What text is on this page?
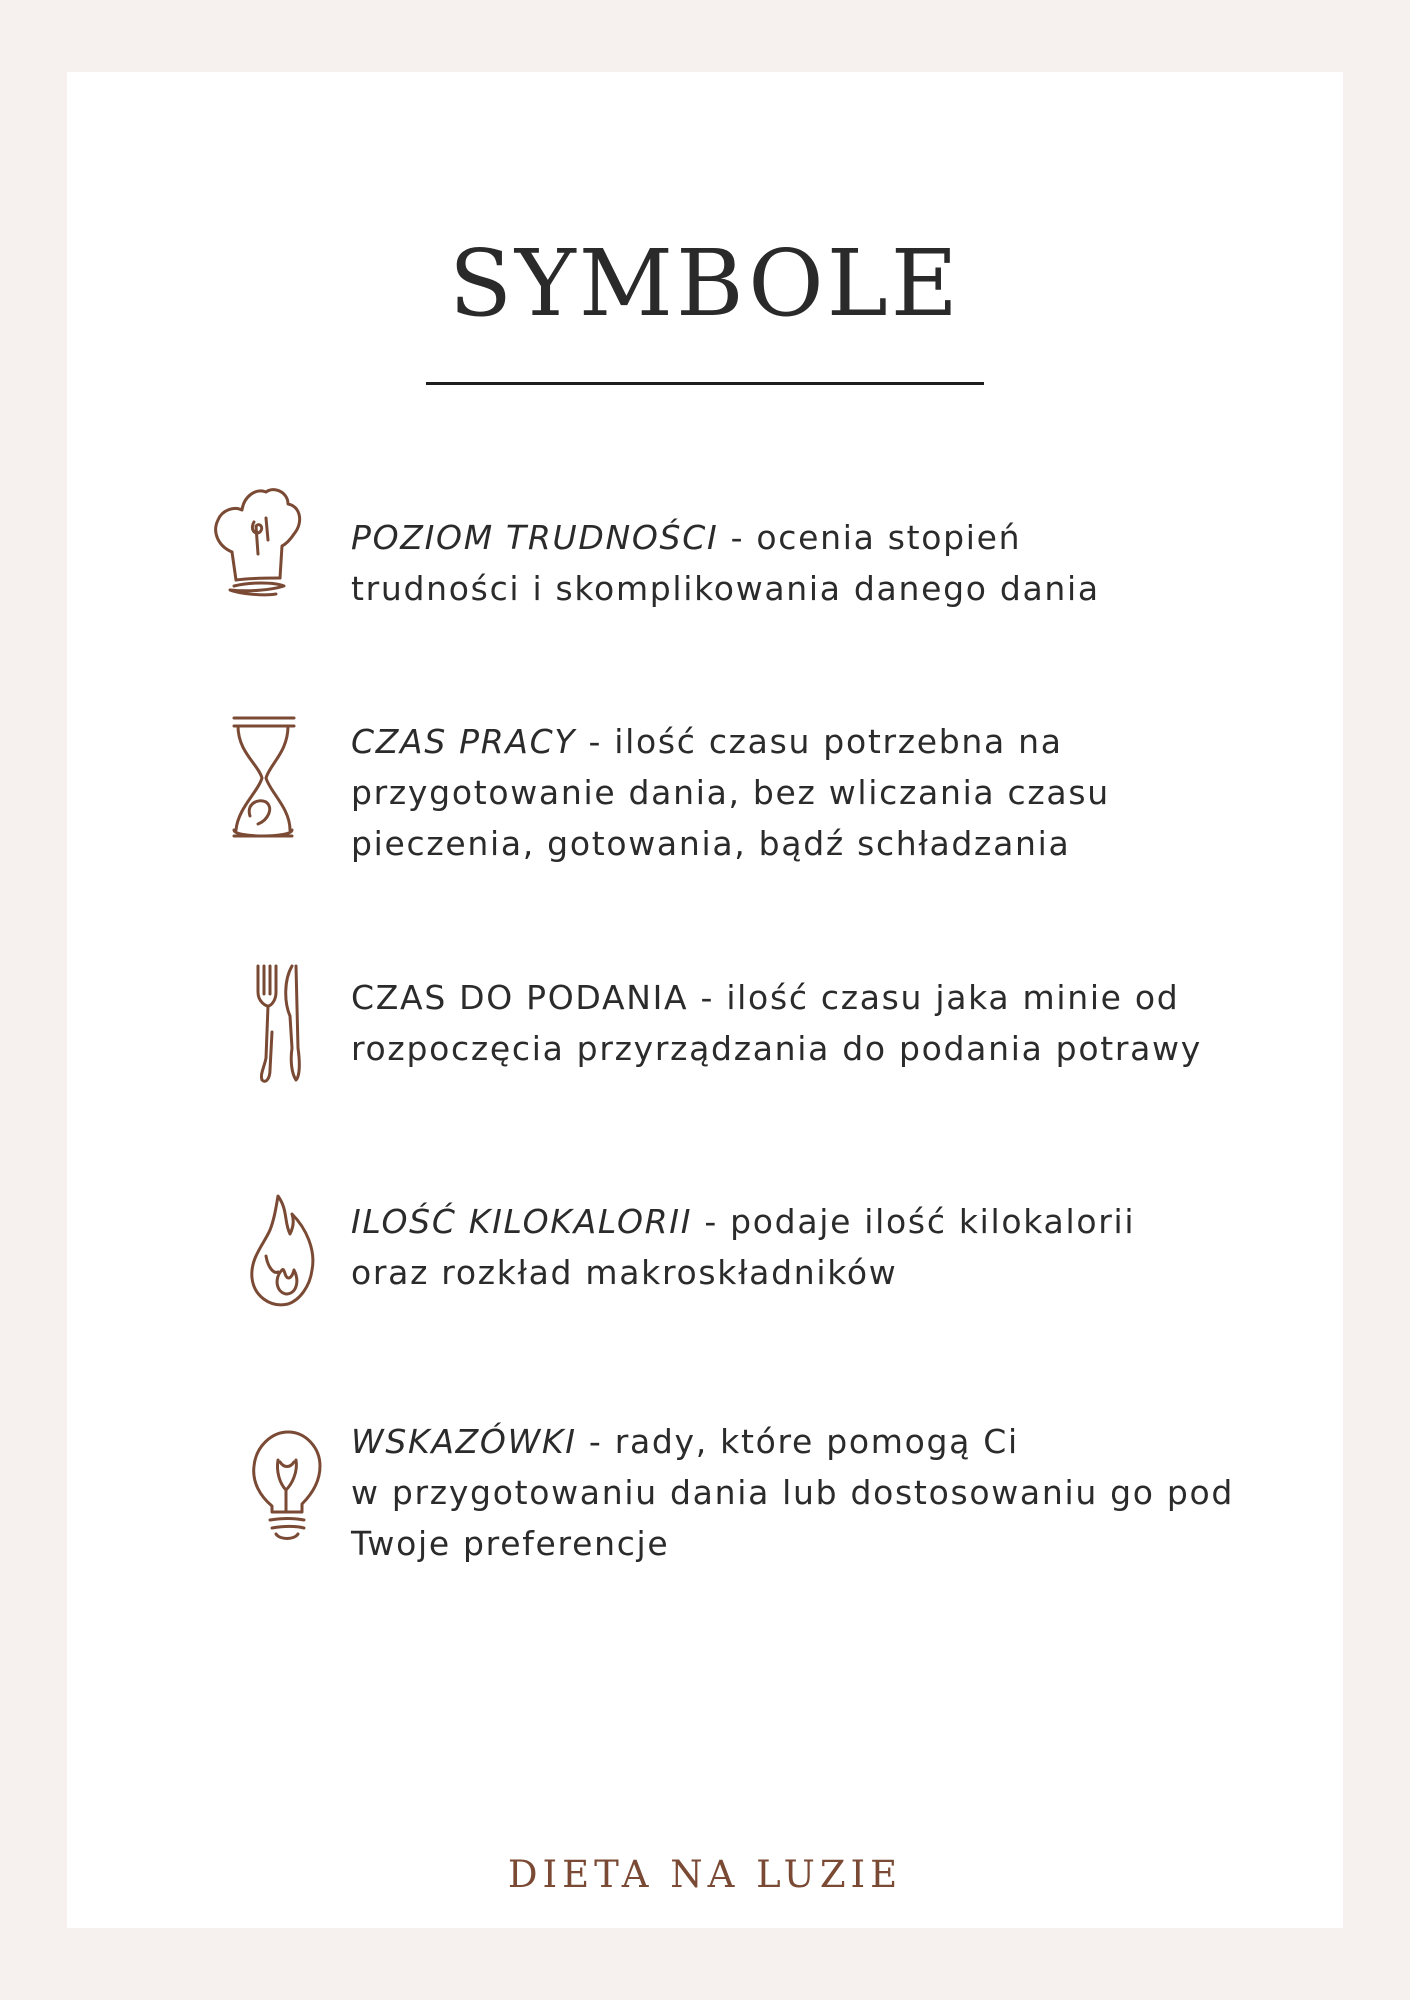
SYMBOLE

POZIOM TRUDNOŚCI - ocenia stopień
trudności i skomplikowania danego dania

CZAS PRACY - ilość czasu potrzebna na
przygotowanie dania, bez wliczania czasu
pieczenia, gotowania, bądź schładzania

CZAS DO PODANIA - ilość czasu jaka minie od
rozpoczęcia przyrządzania do podania potrawy

ILOŚĆ KILOKALORII - podaje ilość kilokalorii
oraz rozkład makroskładników

WSKAZÓWKI - rady, które pomogą Ci
w przygotowaniu dania lub dostosowaniu go pod
Twoje preferencje

DIETA NA LUZIE
